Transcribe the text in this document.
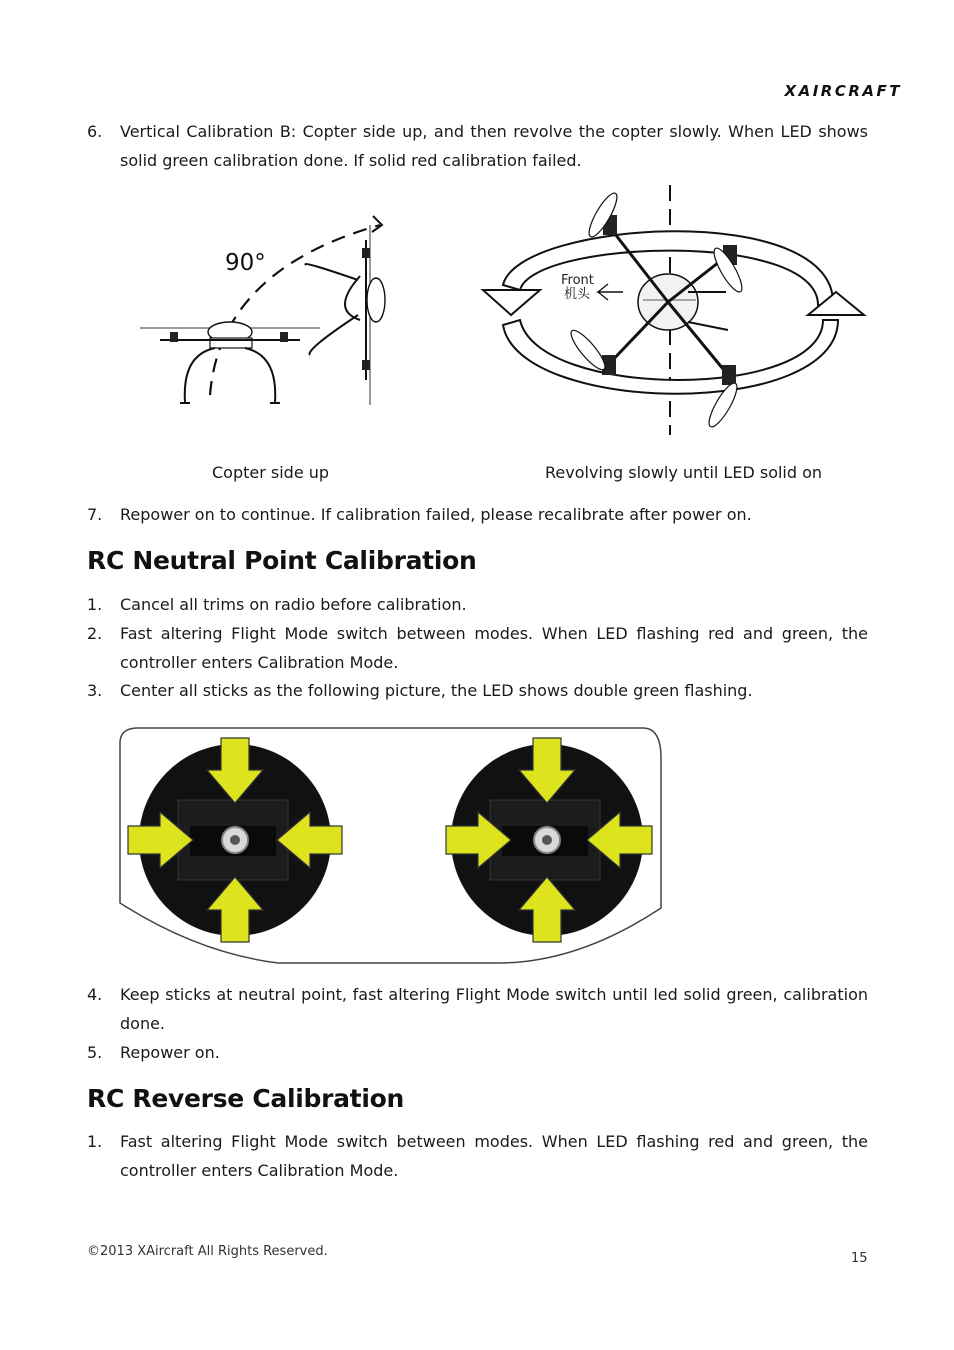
XAIRCRAFT
6. Vertical Calibration B: Copter side up, and then revolve the copter slowly. When LED shows solid green calibration done. If solid red calibration failed.
90°
Front
机头
Copter side up	Revolving slowly until LED solid on
7. Repower on to continue. If calibration failed, please recalibrate after power on.
RC Neutral Point Calibration
1. Cancel all trims on radio before calibration.
2. Fast altering Flight Mode switch between modes. When LED flashing red and green, the controller enters Calibration Mode.
3. Center all sticks as the following picture, the LED shows double green flashing.
4. Keep sticks at neutral point, fast altering Flight Mode switch until led solid green, calibration done.
5. Repower on.
RC Reverse Calibration
1. Fast altering Flight Mode switch between modes. When LED flashing red and green, the controller enters Calibration Mode.
©2013 XAircraft All Rights Reserved.	15
